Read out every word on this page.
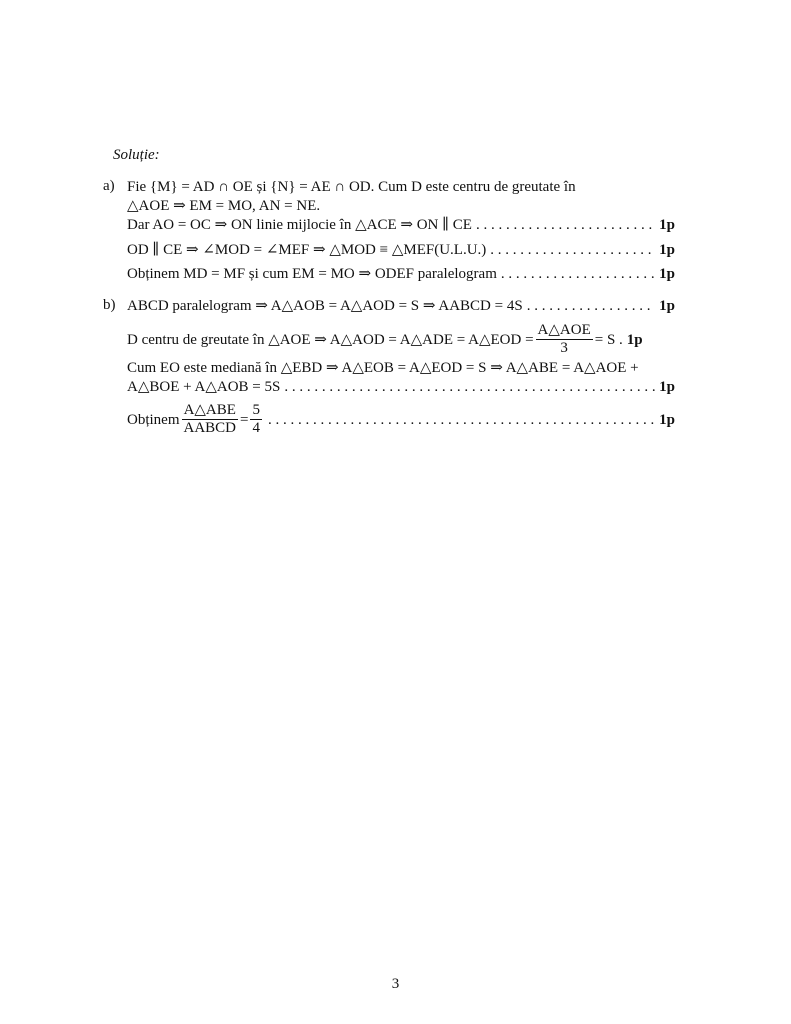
Soluție:
a) Fie {M} = AD ∩ OE și {N} = AE ∩ OD. Cum D este centru de greutate în
△AOE ⇒ EM = MO, AN = NE.
Dar AO = OC ⇒ ON linie mijlocie în △ACE ⇒ ON ∥ CE . . .	1p
OD ∥ CE ⇒ ∠MOD = ∠MEF ⇒ △MOD ≡ △MEF(U.L.U.) . . .	1p
Obținem MD = MF și cum EM = MO ⇒ ODEF paralelogram . . .	1p
b) ABCD paralelogram ⇒ A△AOB = A△AOD = S ⇒ AABCD = 4S . . .	1p
D centru de greutate în △AOE ⇒ A△AOD = A△ADE = A△EOD = $\frac{\text{A△AOE}}{3} = S$ . 1p
Cum EO este mediană în △EBD ⇒ A△EOB = A△EOD = S ⇒ A△ABE = A△AOE +
A△BOE + A△AOB = 5S . . .	1p
Obținem $\frac{\text{A△ABE}}{\text{AABCD}} = \frac{5}{4}$ . . .	1p
3
